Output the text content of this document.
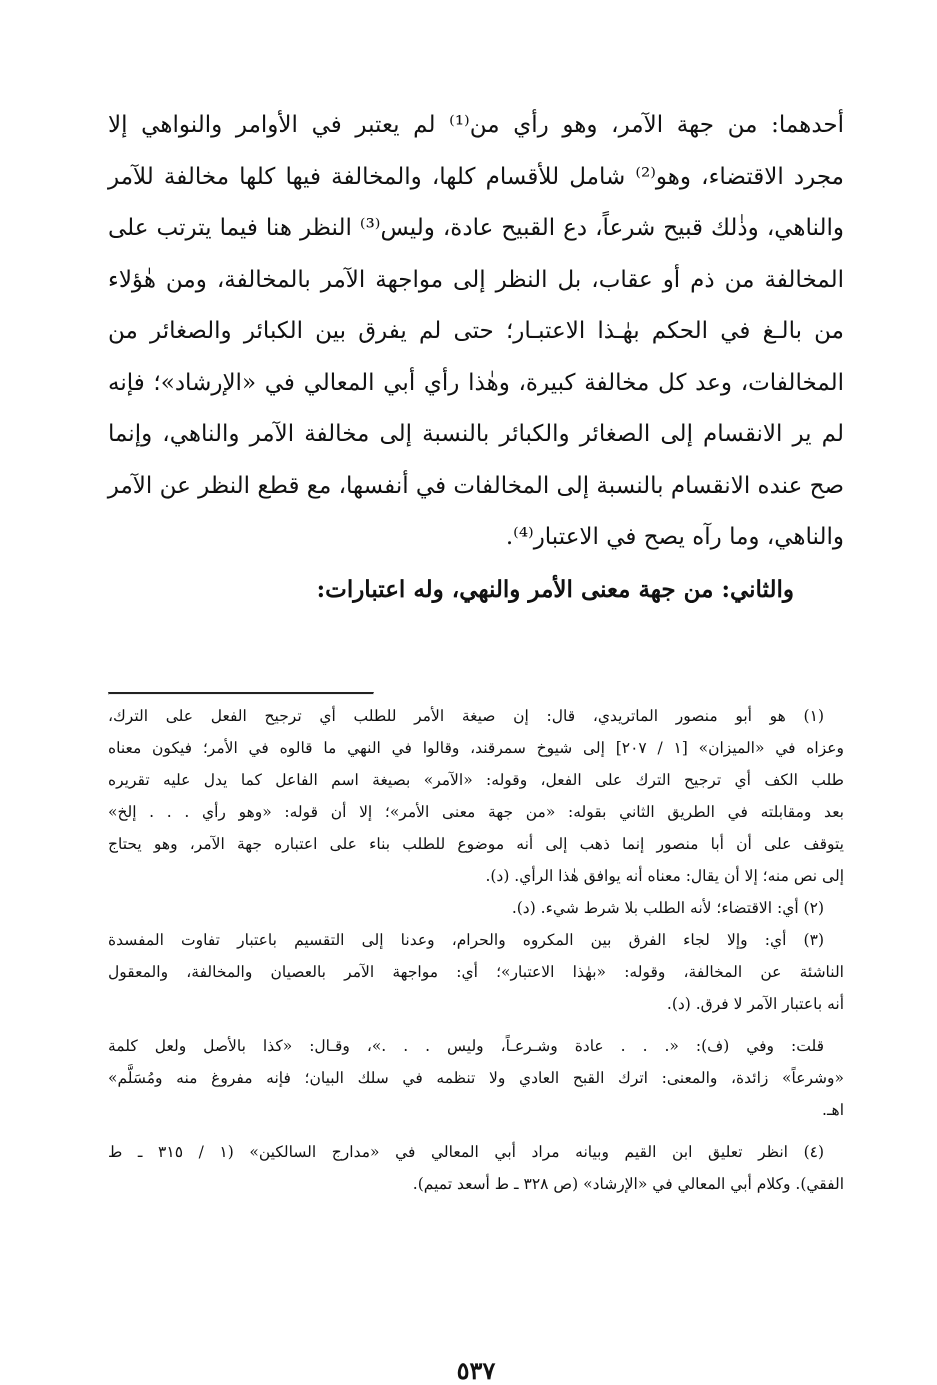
أحدهما: من جهة الآمر، وهو رأي من⁽¹⁾ لم يعتبر في الأوامر والنواهي إلا
مجرد الاقتضاء، وهو⁽²⁾ شامل للأقسام كلها، والمخالفة فيها كلها مخالفة للآمر
والناهي، وذٰلك قبيح شرعاً، دع القبيح عادة، وليس⁽³⁾ النظر هنا فيما يترتب على
المخالفة من ذم أو عقاب، بل النظر إلى مواجهة الآمر بالمخالفة، ومن هٰؤلاء
من بالـغ في الحكم بهٰـذا الاعتبـار؛ حتى لم يفرق بين الكبائر والصغائر من
المخالفات، وعد كل مخالفة كبيرة، وهٰذا رأي أبي المعالي في «الإرشاد»؛ فإنه
لم ير الانقسام إلى الصغائر والكبائر بالنسبة إلى مخالفة الآمر والناهي، وإنما
صح عنده الانقسام بالنسبة إلى المخالفات في أنفسها، مع قطع النظر عن الآمر
والناهي، وما رآه يصح في الاعتبار⁽⁴⁾.
والثاني: من جهة معنى الأمر والنهي، وله اعتبارات:
(١) هو أبو منصور الماتريدي، قال: إن صيغة الأمر للطلب أي ترجيح الفعل على الترك،
وعزاه في «الميزان» [١ / ٢٠٧] إلى شيوخ سمرقند، وقالوا في النهي ما قالوه في الأمر؛ فيكون معناه
طلب الكف أي ترجيح الترك على الفعل، وقوله: «الآمر» بصيغة اسم الفاعل كما يدل عليه تقريره
بعد ومقابلته في الطريق الثاني بقوله: «من جهة معنى الأمر»؛ إلا أن قوله: «وهو رأي . . . إلخ»
يتوقف على أن أبا منصور إنما ذهب إلى أنه موضوع للطلب بناء على اعتباره جهة الآمر، وهو يحتاج
إلى نص منه؛ إلا أن يقال: معناه أنه يوافق هٰذا الرأي. (د).
(٢) أي: الاقتضاء؛ لأنه الطلب بلا شرط شيء. (د).
(٣) أي: وإلا لجاء الفرق بين المكروه والحرام، وعدنا إلى التقسيم باعتبار تفاوت المفسدة
الناشئة عن المخالفة، وقوله: «بهٰذا الاعتبار»؛ أي: مواجهة الآمر بالعصيان والمخالفة، والمعقول
أنه باعتبار الآمر لا فرق. (د).
قلت: وفي (ف): «. . . عادة وشـرعـاً، وليس . . .»، وقـال: «كذا بالأصل ولعل كلمة
«وشرعاً» زائدة، والمعنى: اترك القبح العادي ولا تنظمه في سلك البيان؛ فإنه مفروغ منه ومُسَلَّم»
اهـ.
(٤) انظر تعليق ابن القيم وبيانه مراد أبي المعالي في «مدارج السالكين» (١ / ٣١٥ ـ ط
الفقي). وكلام أبي المعالي في «الإرشاد» (ص ٣٢٨ ـ ط أسعد تميم).
٥٣٧
